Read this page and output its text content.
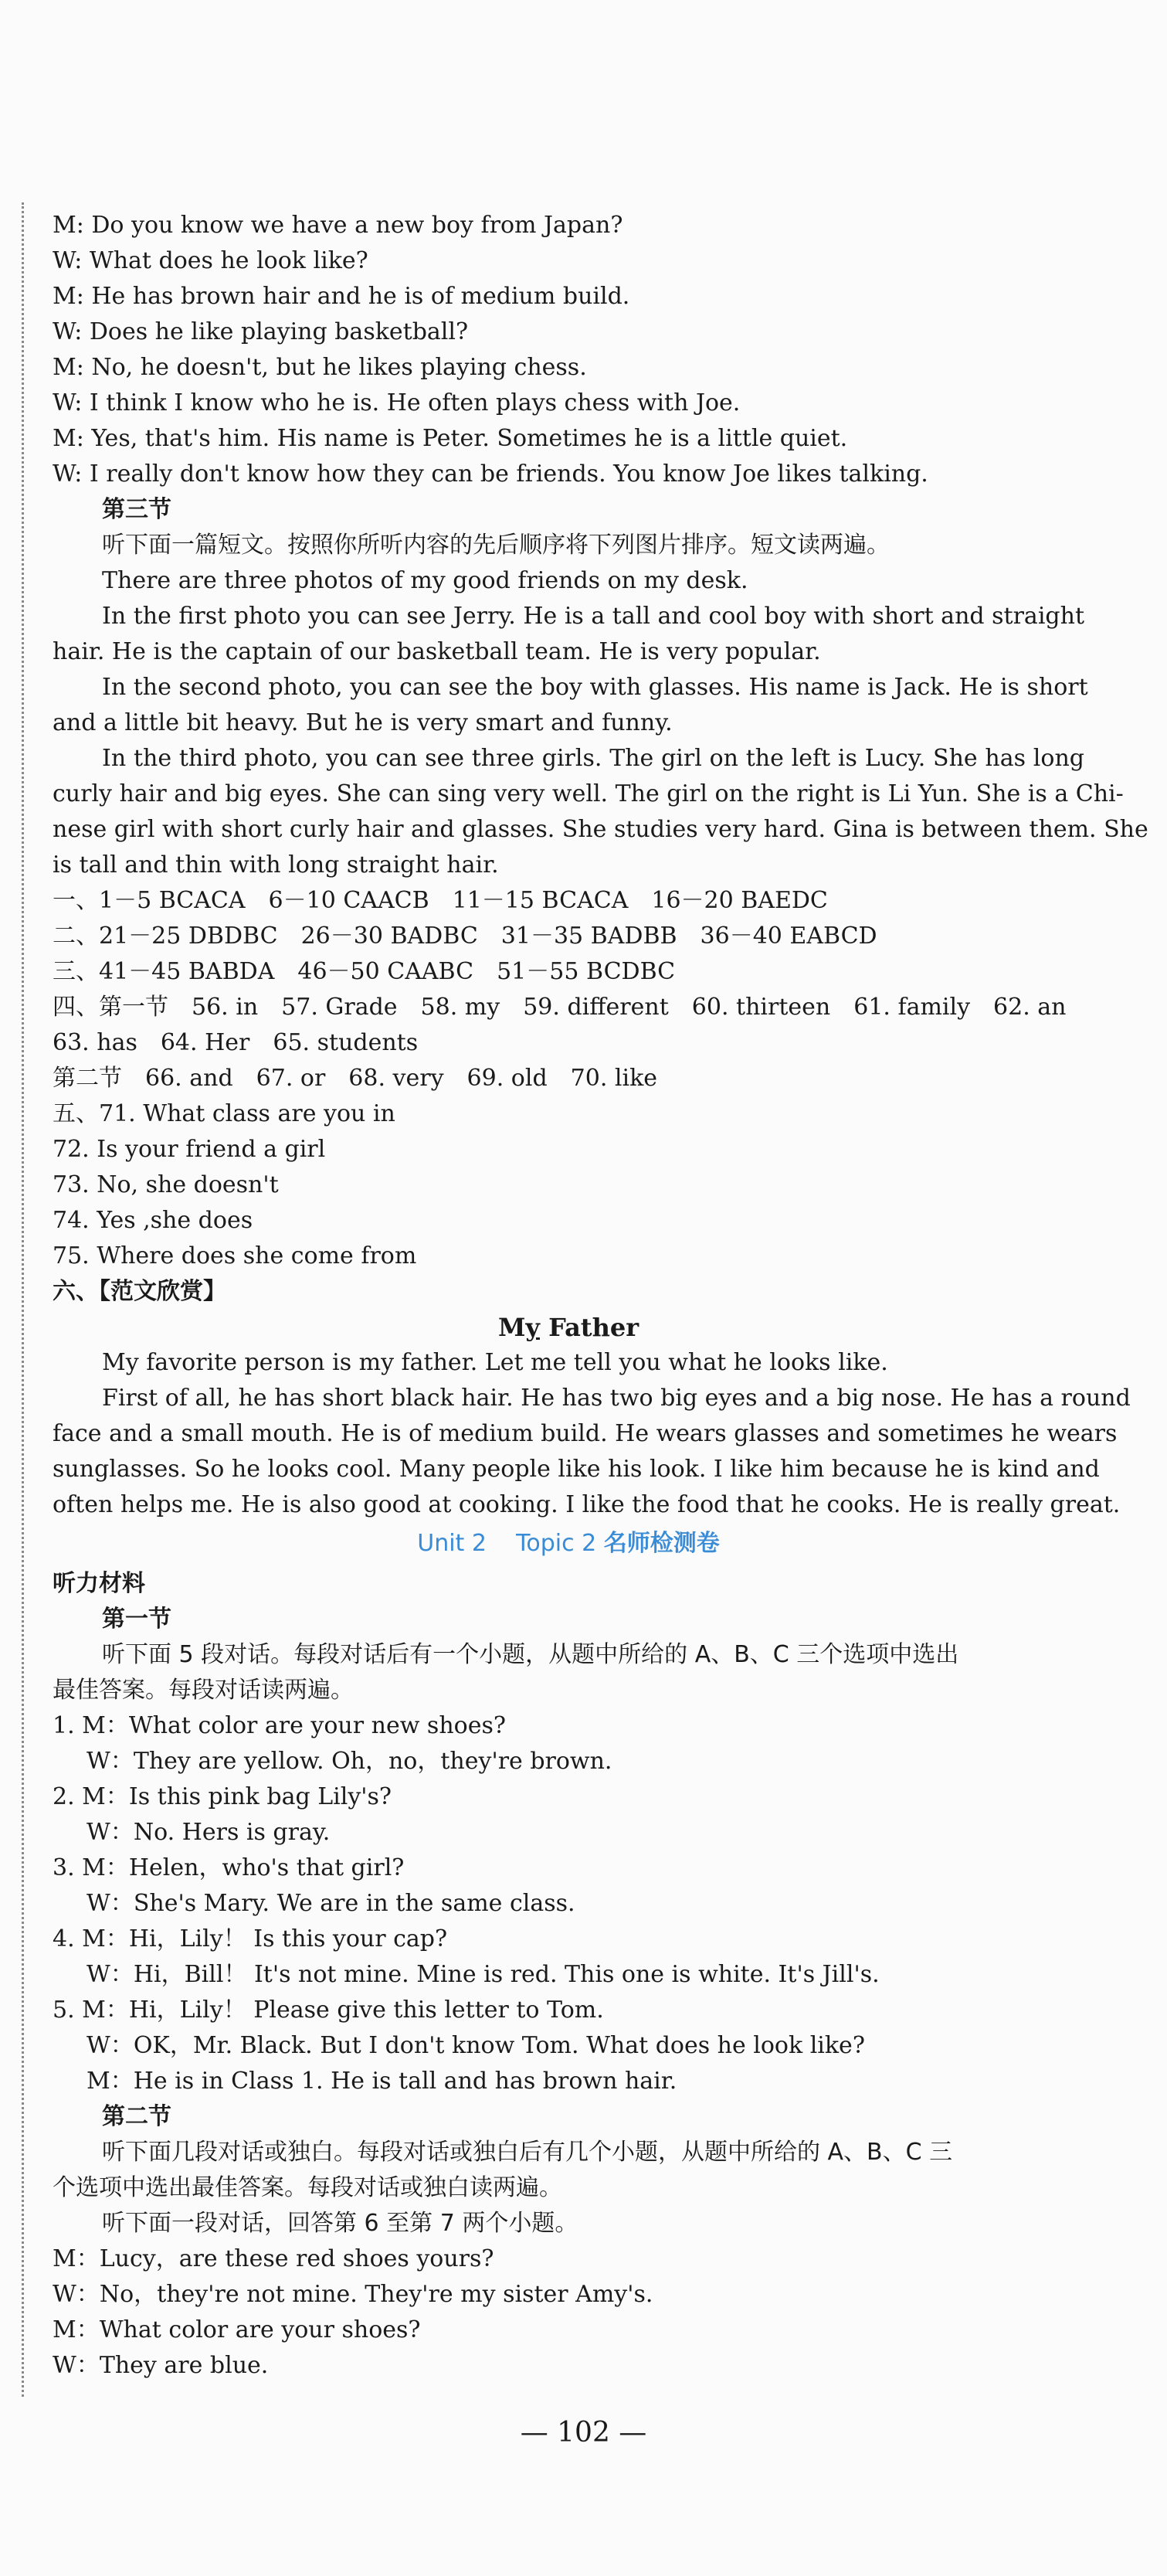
M: Do you know we have a new boy from Japan?
W: What does he look like?
M: He has brown hair and he is of medium build.
W: Does he like playing basketball?
M: No, he doesn't, but he likes playing chess.
W: I think I know who he is. He often plays chess with Joe.
M: Yes, that's him. His name is Peter. Sometimes he is a little quiet.
W: I really don't know how they can be friends. You know Joe likes talking.
第三节
听下面一篇短文。按照你所听内容的先后顺序将下列图片排序。短文读两遍。
There are three photos of my good friends on my desk.
In the first photo you can see Jerry. He is a tall and cool boy with short and straight
hair. He is the captain of our basketball team. He is very popular.
In the second photo, you can see the boy with glasses. His name is Jack. He is short
and a little bit heavy. But he is very smart and funny.
In the third photo, you can see three girls. The girl on the left is Lucy. She has long
curly hair and big eyes. She can sing very well. The girl on the right is Li Yun. She is a Chi-
nese girl with short curly hair and glasses. She studies very hard. Gina is between them. She
is tall and thin with long straight hair.
一、1－5 BCACA　6－10 CAACB　11－15 BCACA　16－20 BAEDC
二、21－25 DBDBC　26－30 BADBC　31－35 BADBB　36－40 EABCD
三、41－45 BABDA　46－50 CAABC　51－55 BCDBC
四、第一节　56. in　57. Grade　58. my　59. different　60. thirteen　61. family　62. an
63. has　64. Her　65. students
第二节　66. and　67. or　68. very　69. old　70. like
五、71. What class are you in
72. Is your friend a girl
73. No, she doesn't
74. Yes ,she does
75. Where does she come from
六、【范文欣赏】
My Father
My favorite person is my father. Let me tell you what he looks like.
First of all, he has short black hair. He has two big eyes and a big nose. He has a round
face and a small mouth. He is of medium build. He wears glasses and sometimes he wears
sunglasses. So he looks cool. Many people like his look. I like him because he is kind and
often helps me. He is also good at cooking. I like the food that he cooks. He is really great.
Unit 2 Topic 2 名师检测卷
听力材料
第一节
听下面 5 段对话。每段对话后有一个小题，从题中所给的 A、B、C 三个选项中选出
最佳答案。每段对话读两遍。
1. M：What color are your new shoes?
W：They are yellow. Oh，no，they're brown.
2. M：Is this pink bag Lily's?
W：No. Hers is gray.
3. M：Helen，who's that girl?
W：She's Mary. We are in the same class.
4. M：Hi，Lily！ Is this your cap?
W：Hi，Bill！ It's not mine. Mine is red. This one is white. It's Jill's.
5. M：Hi，Lily！ Please give this letter to Tom.
W：OK，Mr. Black. But I don't know Tom. What does he look like?
M：He is in Class 1. He is tall and has brown hair.
第二节
听下面几段对话或独白。每段对话或独白后有几个小题，从题中所给的 A、B、C 三
个选项中选出最佳答案。每段对话或独白读两遍。
听下面一段对话，回答第 6 至第 7 两个小题。
M：Lucy，are these red shoes yours?
W：No，they're not mine. They're my sister Amy's.
M：What color are your shoes?
W：They are blue.
— 102 —
